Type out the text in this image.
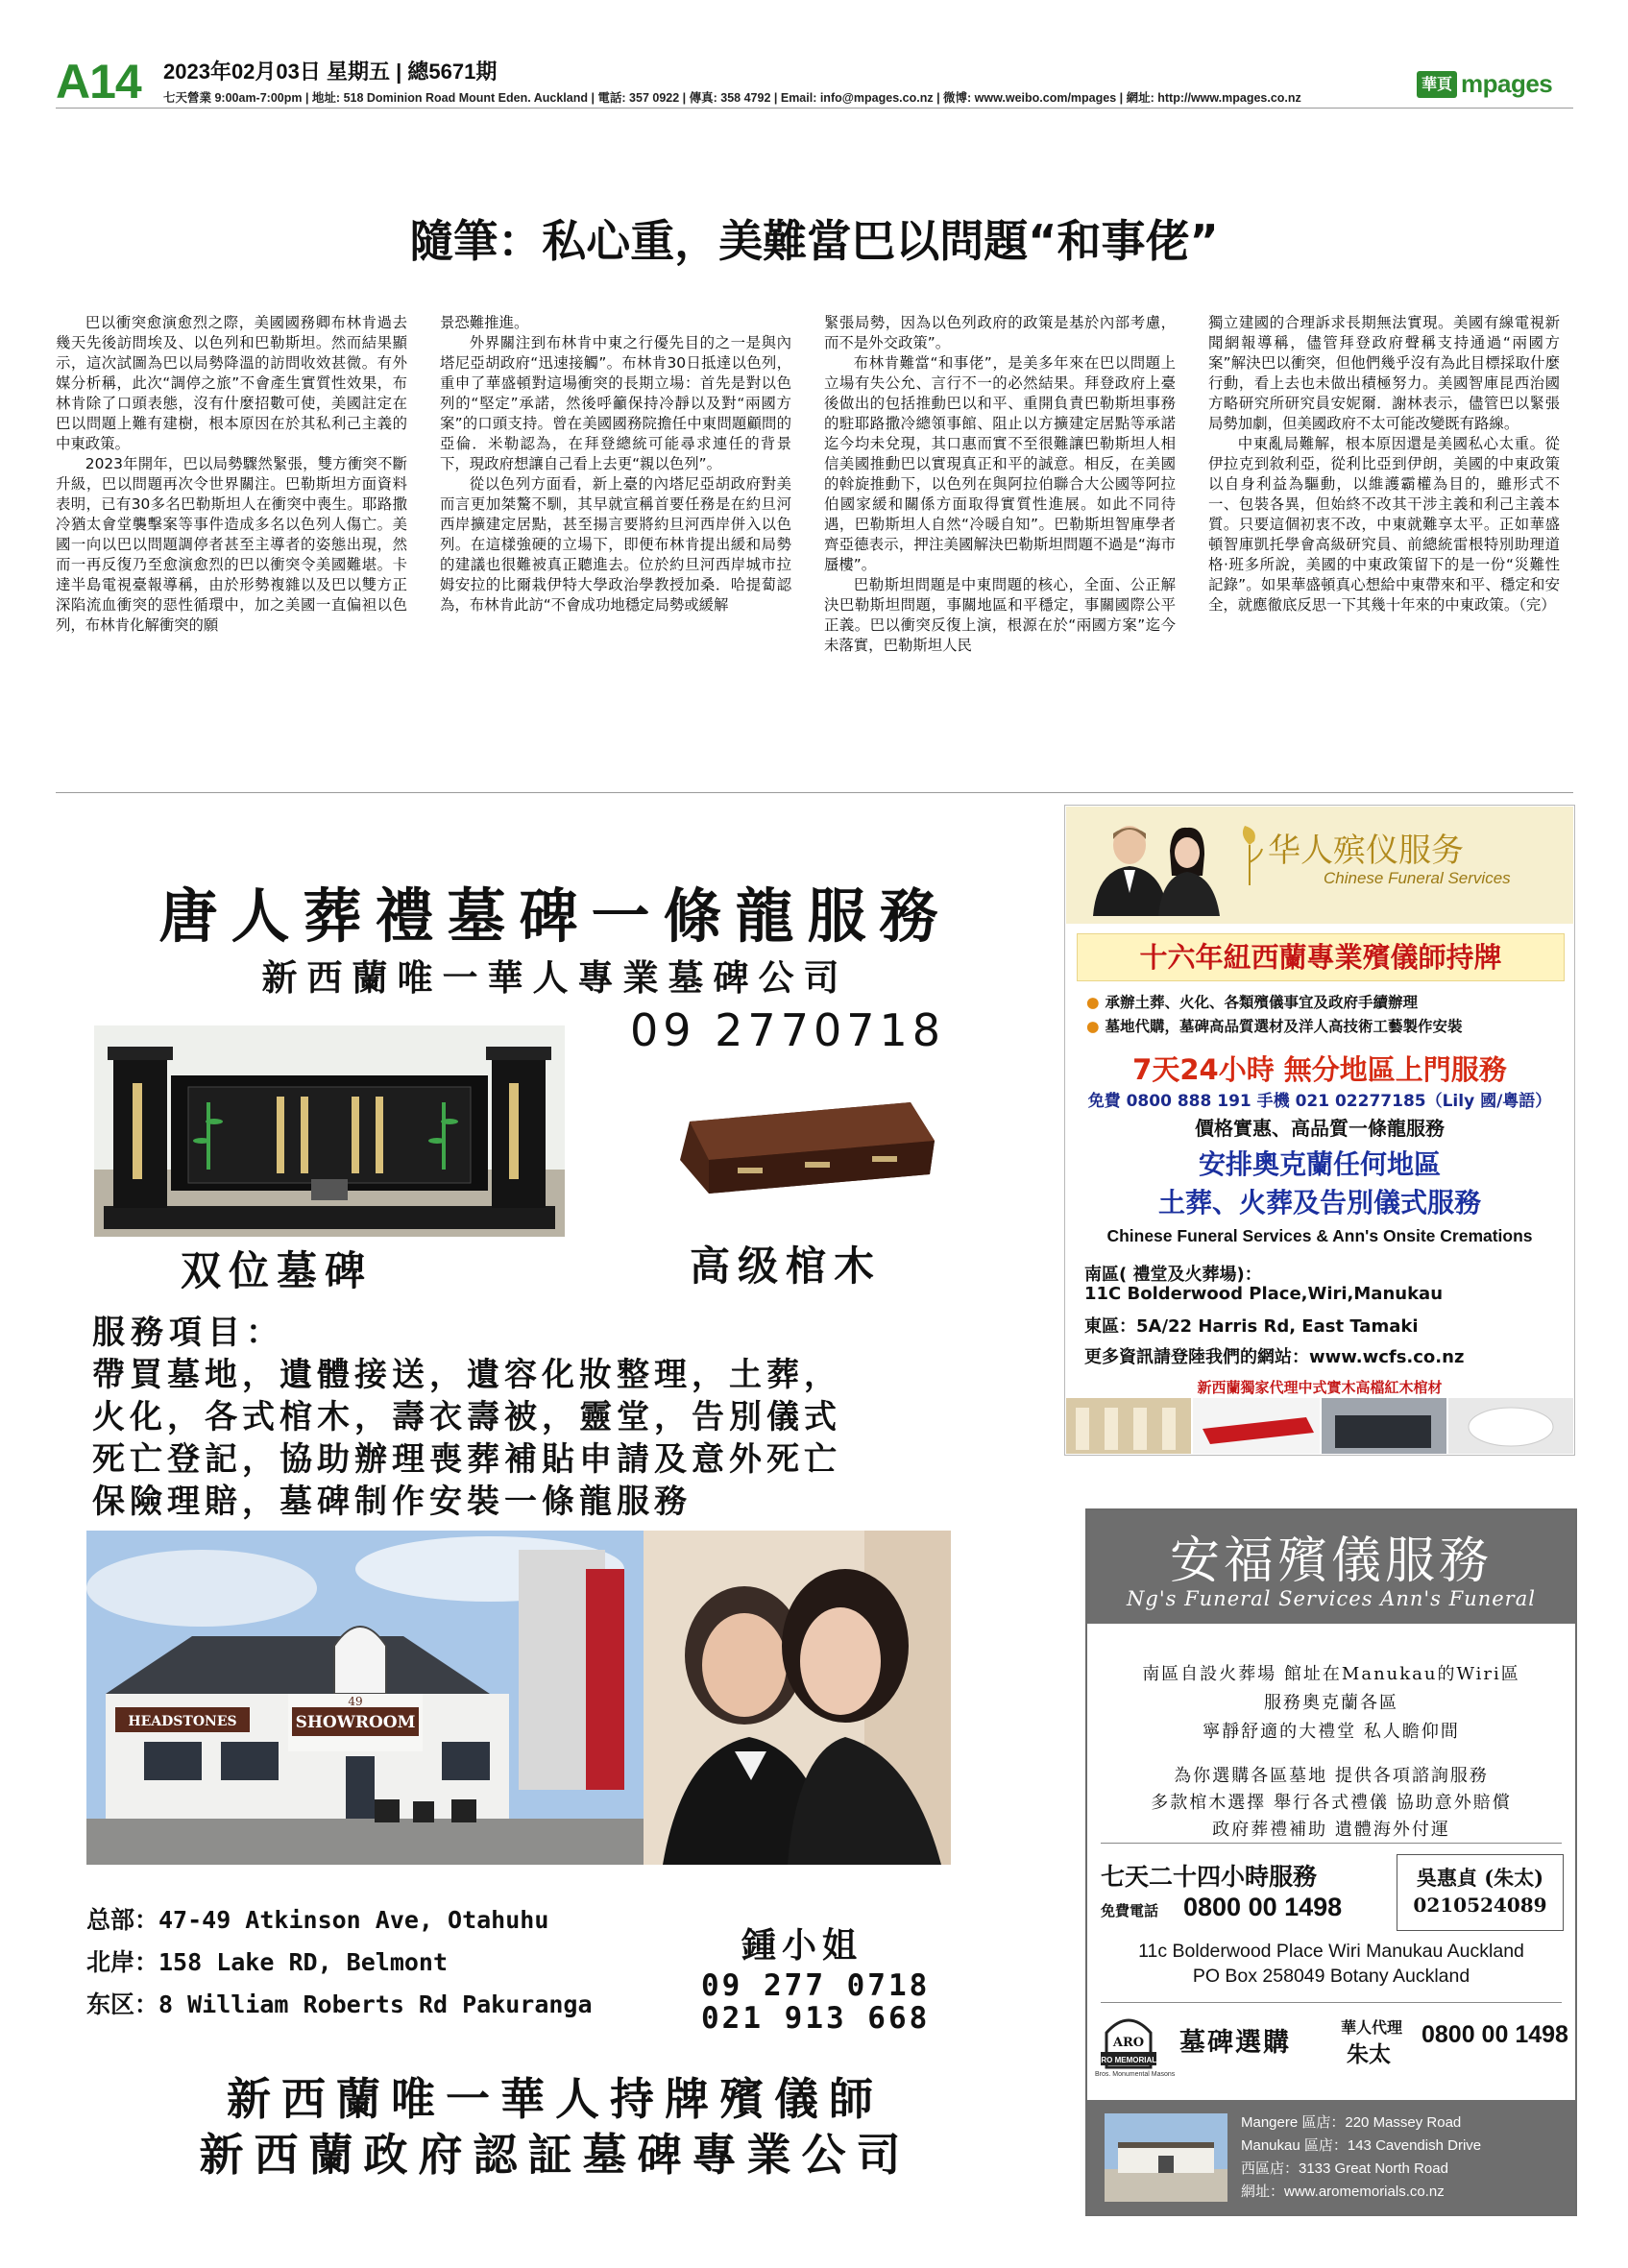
A14 2023年02月03日 星期五 | 總5671期
七天營業 9:00am-7:00pm | 地址: 518 Dominion Road Mount Eden. Auckland | 電話: 357 0922 | 傳真: 358 4792 | Email: info@mpages.co.nz | 微博: www.weibo.com/mpages | 網址: http://www.mpages.co.nz
華頁 mpages
隨筆：私心重，美難當巴以問題“和事佬”

巴以衝突愈演愈烈之際，美國國務卿布林肯過去幾天先後訪問埃及、以色列和巴勒斯坦。然而結果顯示，這次試圖為巴以局勢降溫的訪問收效甚微。有外媒分析稱，此次“調停之旅”不會產生實質性效果，布林肯除了口頭表態，沒有什麼招數可使，美國註定在巴以問題上難有建樹，根本原因在於其私利己主義的中東政策。

2023年開年，巴以局勢驟然緊張，雙方衝突不斷升級，巴以問題再次令世界關注。巴勒斯坦方面資料表明，已有30多名巴勒斯坦人在衝突中喪生。耶路撒冷猶太會堂襲擊案等事件造成多名以色列人傷亡。美國一向以巴以問題調停者甚至主導者的姿態出現，然而一再反復乃至愈演愈烈的巴以衝突令美國難堪。卡達半島電視臺報導稱，由於形勢複雜以及巴以雙方正深陷流血衝突的惡性循環中，加之美國一直偏袒以色列，布林肯化解衝突的願

景恐難推進。

外界關注到布林肯中東之行優先目的之一是與內塔尼亞胡政府“迅速接觸”。布林肯30日抵達以色列，重申了華盛頓對這場衝突的長期立場：首先是對以色列的“堅定”承諾，然後呼籲保持冷靜以及對“兩國方案”的口頭支持。曾在美國國務院擔任中東問題顧問的亞倫．米勒認為，在拜登總統可能尋求連任的背景下，現政府想讓自己看上去更“親以色列”。

從以色列方面看，新上臺的內塔尼亞胡政府對美而言更加桀驁不馴，其早就宣稱首要任務是在約旦河西岸擴建定居點，甚至揚言要將約旦河西岸併入以色列。在這樣強硬的立場下，即便布林肯提出緩和局勢的建議也很難被真正聽進去。位於約旦河西岸城市拉姆安拉的比爾栽伊特大學政治學教授加桑．哈提蔔認為，布林肯此訪“不會成功地穩定局勢或緩解

緊張局勢，因為以色列政府的政策是基於內部考慮，而不是外交政策”。

布林肯難當“和事佬”，是美多年來在巴以問題上立場有失公允、言行不一的必然結果。拜登政府上臺後做出的包括推動巴以和平、重開負責巴勒斯坦事務的駐耶路撒冷總領事館、阻止以方擴建定居點等承諾迄今均未兌現，其口惠而實不至很難讓巴勒斯坦人相信美國推動巴以實現真正和平的誠意。相反，在美國的斡旋推動下，以色列在與阿拉伯聯合大公國等阿拉伯國家緩和關係方面取得實質性進展。如此不同待遇，巴勒斯坦人自然“冷暖自知”。巴勒斯坦智庫學者齊亞德表示，押注美國解決巴勒斯坦問題不過是“海市蜃樓”。

巴勒斯坦問題是中東問題的核心，全面、公正解決巴勒斯坦問題，事關地區和平穩定，事關國際公平正義。巴以衝突反復上演，根源在於“兩國方案”迄今未落實，巴勒斯坦人民

獨立建國的合理訴求長期無法實現。美國有線電視新聞網報導稱，儘管拜登政府聲稱支持通過“兩國方案”解決巴以衝突，但他們幾乎沒有為此目標採取什麼行動，看上去也未做出積極努力。美國智庫昆西治國方略研究所研究員安妮爾．謝林表示，儘管巴以緊張局勢加劇，但美國政府不太可能改變既有路線。

中東亂局難解，根本原因還是美國私心太重。從伊拉克到敘利亞，從利比亞到伊朗，美國的中東政策以自身利益為驅動，以維護霸權為目的，雖形式不一、包裝各異，但始終不改其干涉主義和利己主義本質。只要這個初衷不改，中東就難享太平。正如華盛頓智庫凱托學會高級研究員、前總統雷根特別助理道格·班多所說，美國的中東政策留下的是一份“災難性記錄”。如果華盛頓真心想給中東帶來和平、穩定和安全，就應徹底反思一下其幾十年來的中東政策。（完）

唐人葬禮墓碑一條龍服務
新西蘭唯一華人專業墓碑公司
09 2770718
双位墓碑	高级棺木
服務項目：
帶買墓地，遺體接送，遺容化妝整理，土葬，
火化，各式棺木，壽衣壽被，靈堂，告別儀式
死亡登記，協助辦理喪葬補貼申請及意外死亡
保險理賠，墓碑制作安裝一條龍服務
49
SHOWROOM
HEADSTONES
总部：47-49 Atkinson Ave, Otahuhu
北岸：158 Lake RD, Belmont
东区：8 William Roberts Rd Pakuranga
鍾小姐
09 277 0718
021 913 668
新西蘭唯一華人持牌殯儀師
新西蘭政府認証墓碑專業公司
华人殡仪服务
Chinese Funeral Services
十六年紐西蘭專業殯儀師持牌
● 承辦土葬、火化、各類殯儀事宜及政府手續辦理
● 墓地代購，墓碑高品質選材及洋人高技術工藝製作安裝
7天24小時 無分地區上門服務
免費 0800 888 191 手機 021 02277185（Lily 國/粵語）
價格實惠、高品質一條龍服務
安排奧克蘭任何地區
土葬、火葬及告別儀式服務
Chinese Funeral Services & Ann's Onsite Cremations
南區( 禮堂及火葬場)：
11C Bolderwood Place,Wiri,Manukau
東區：5A/22 Harris Rd, East Tamaki
更多資訊請登陸我們的網站：www.wcfs.co.nz
新西蘭獨家代理中式實木高檔紅木棺材
安福殯儀服務
Ng's Funeral Services Ann's Funeral
南區自設火葬場 館址在Manukau的Wiri區
服務奧克蘭各區
寧靜舒適的大禮堂 私人瞻仰間
為你選購各區墓地 提供各項諮詢服務
多款棺木選擇 舉行各式禮儀 協助意外賠償
政府葬禮補助 遺體海外付運
七天二十四小時服務
免費電話 0800 00 1498
吳惠貞 (朱太)
0210524089
11c Bolderwood Place Wiri Manukau Auckland
PO Box 258049 Botany Auckland
ARO
ARO MEMORIALS
Bros. Monumental Masons
墓碑選購
華人代理
朱太
0800 00 1498
Mangere 區店：220 Massey Road
Manukau 區店：143 Cavendish Drive
西區店：3133 Great North Road
網址：www.aromemorials.co.nz
